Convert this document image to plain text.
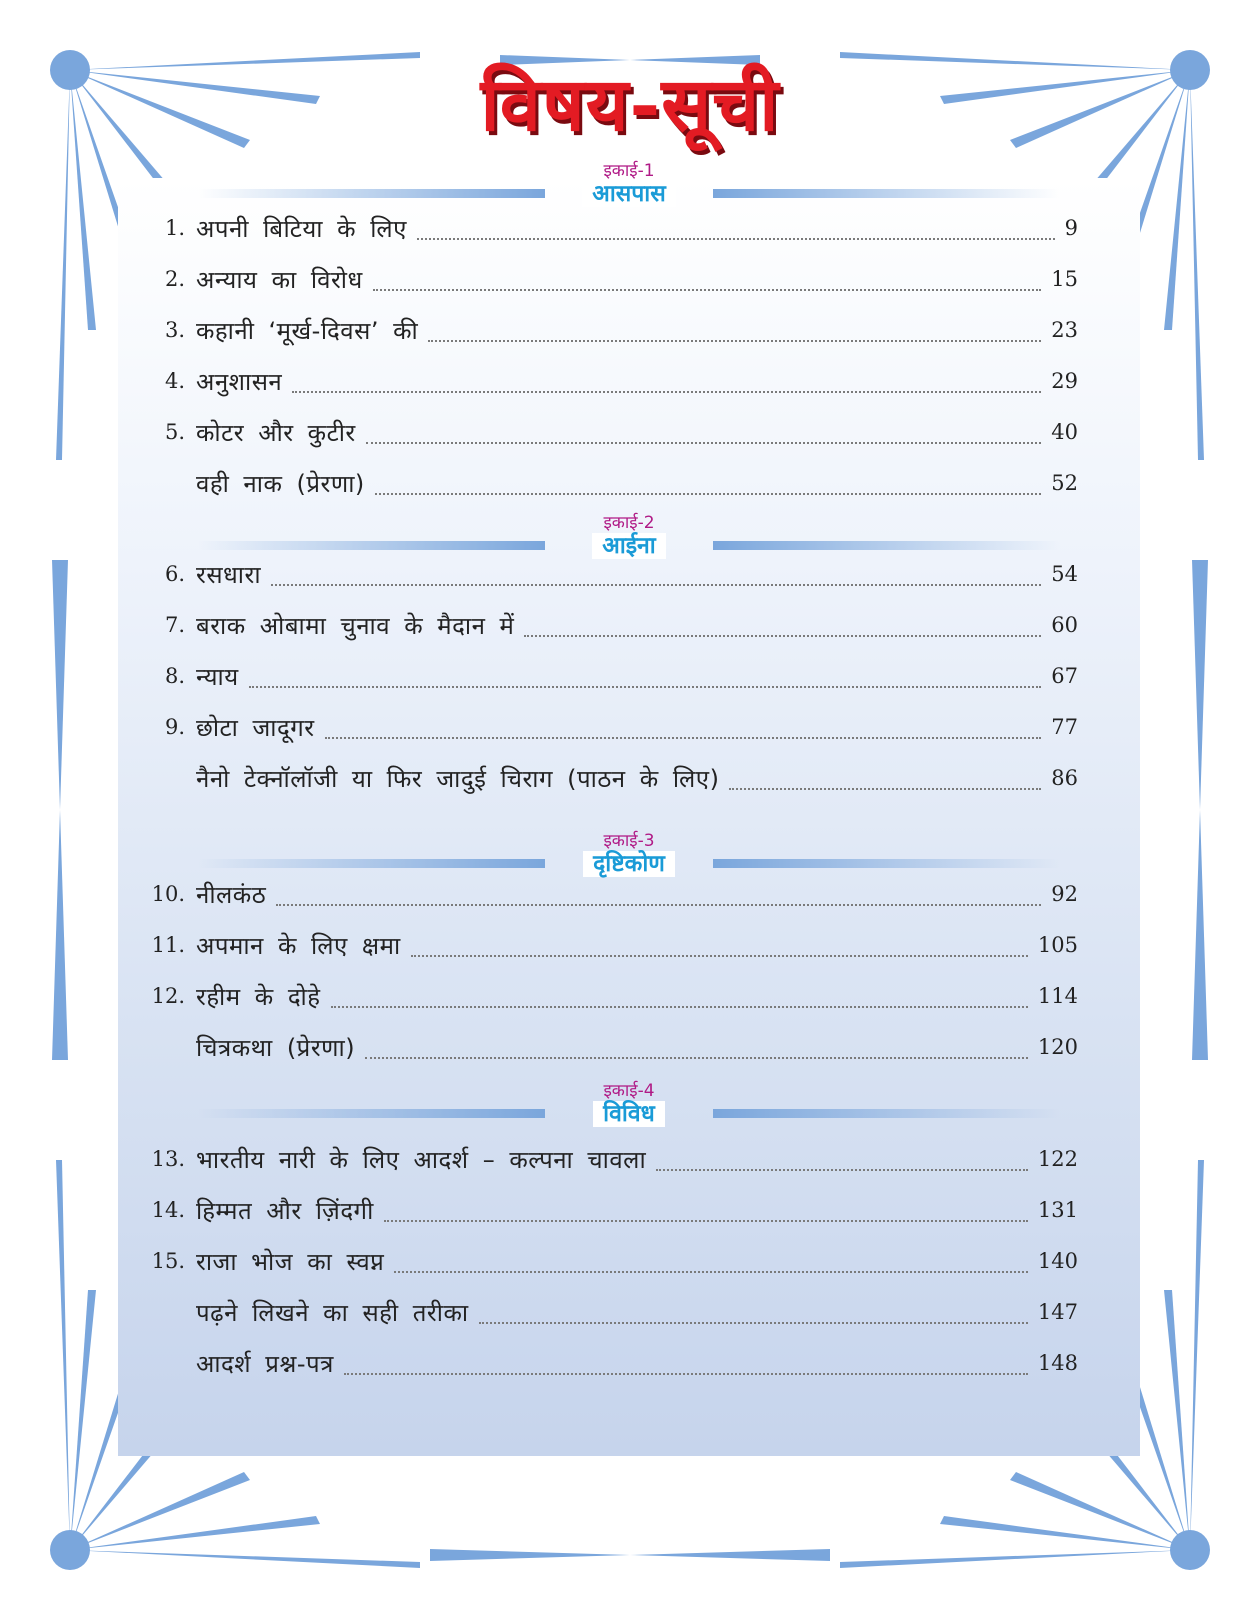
विषय-सूची
इकाई-1
आसपास
1. अपनी बिटिया के लिए	9
2. अन्याय का विरोध	15
3. कहानी ‘मूर्ख-दिवस’ की	23
4. अनुशासन	29
5. कोटर और कुटीर	40
वही नाक (प्रेरणा)	52
इकाई-2
आईना
6. रसधारा	54
7. बराक ओबामा चुनाव के मैदान में	60
8. न्याय	67
9. छोटा जादूगर	77
नैनो टेक्नॉलॉजी या फिर जादुई चिराग (पाठन के लिए)	86
इकाई-3
दृष्टिकोण
10. नीलकंठ	92
11. अपमान के लिए क्षमा	105
12. रहीम के दोहे	114
चित्रकथा (प्रेरणा)	120
इकाई-4
विविध
13. भारतीय नारी के लिए आदर्श – कल्पना चावला	122
14. हिम्मत और ज़िंदगी	131
15. राजा भोज का स्वप्न	140
पढ़ने लिखने का सही तरीका	147
आदर्श प्रश्न-पत्र	148
